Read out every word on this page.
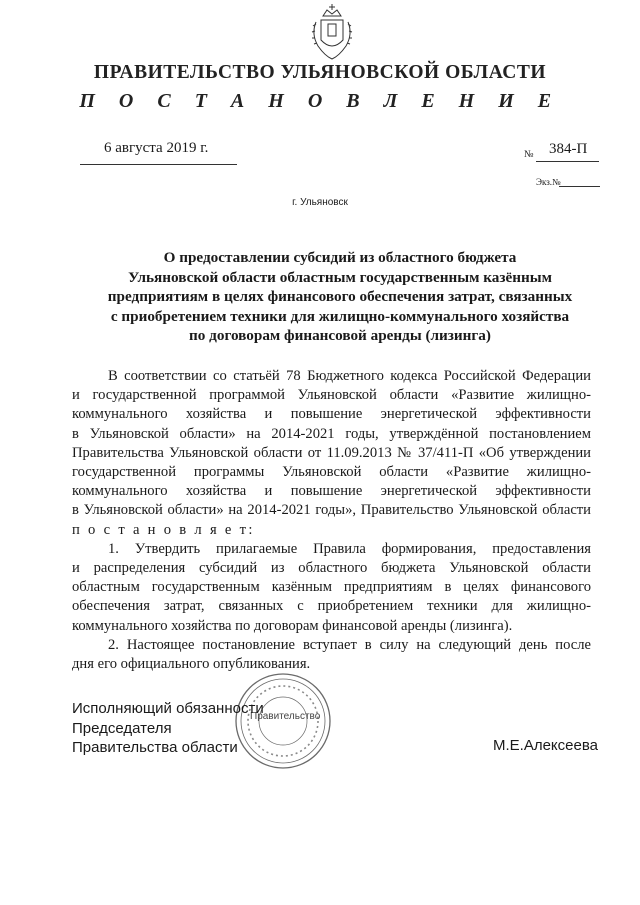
ПРАВИТЕЛЬСТВО УЛЬЯНОВСКОЙ ОБЛАСТИ
П О С Т А Н О В Л Е Н И Е
6 августа 2019 г.	№ 384-П
Экз.№
г. Ульяновск
О предоставлении субсидий из областного бюджета
Ульяновской области областным государственным казённым
предприятиям в целях финансового обеспечения затрат, связанных
с приобретением техники для жилищно-коммунального хозяйства
по договорам финансовой аренды (лизинга)
В соответствии со статьёй 78 Бюджетного кодекса Российской Федерации
и государственной программой Ульяновской области «Развитие жилищно-
коммунального хозяйства и повышение энергетической эффективности
в Ульяновской области» на 2014-2021 годы, утверждённой постановлением
Правительства Ульяновской области от 11.09.2013 № 37/411-П «Об утверждении
государственной программы Ульяновской области «Развитие жилищно-
коммунального хозяйства и повышение энергетической эффективности
в Ульяновской области» на 2014-2021 годы», Правительство Ульяновской области
п о с т а н о в л я е т:
1. Утвердить прилагаемые Правила формирования, предоставления
и распределения субсидий из областного бюджета Ульяновской области
областным государственным казённым предприятиям в целях финансового
обеспечения затрат, связанных с приобретением техники для жилищно-
коммунального хозяйства по договорам финансовой аренды (лизинга).
2. Настоящее постановление вступает в силу на следующий день после
дня его официального опубликования.
Правительство
Исполняющий обязанности
Председателя
Правительства области	М.Е.Алексеева
